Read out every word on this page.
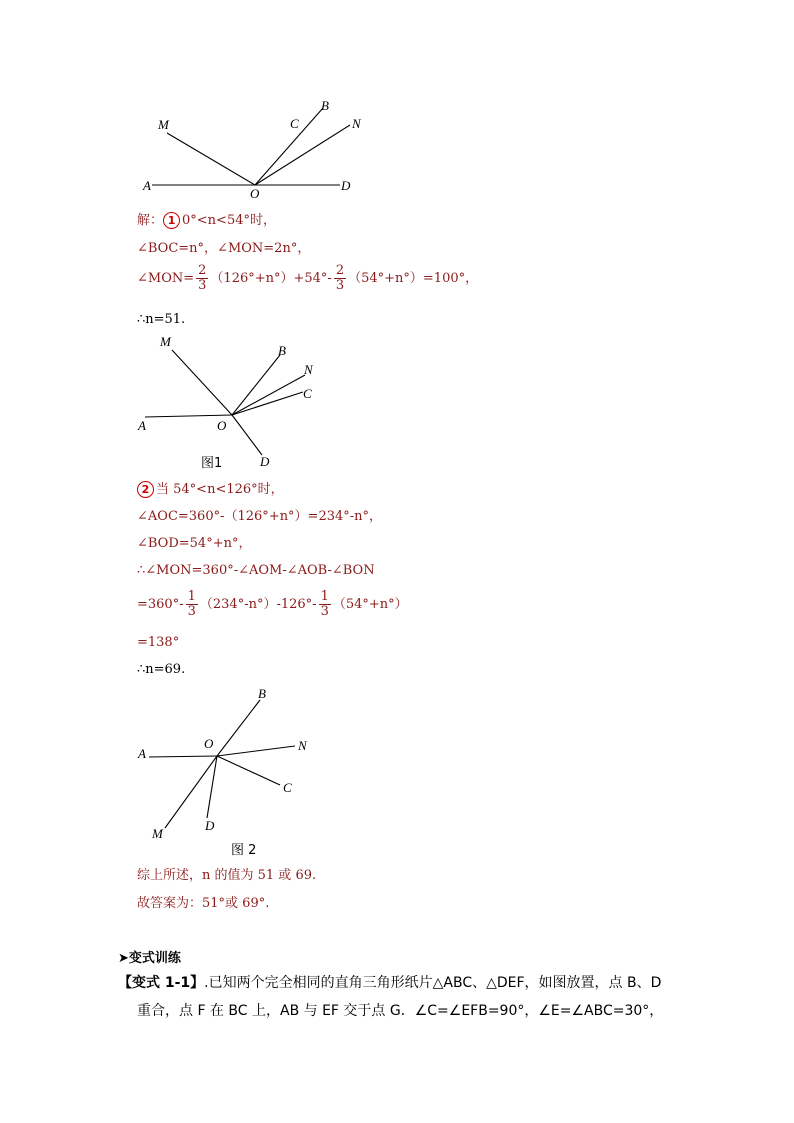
M	C
B
N
A
O
D
解： 1 0°<n<54°时，
∠BOC=n°，∠MON=2n°，
∠MON= $\frac{2}{3} (126^\circ+n^\circ)+54^\circ- \frac{2}{3} (54^\circ+n^\circ)=100^\circ$，
∴n=51.
M
B
N
C
A	O
D
图1
2 当 54°<n<126°时，
∠AOC=360°-（126°+n°）=234°-n°，
∠BOD=54°+n°，
∴∠MON=360°-∠AOM-∠AOB-∠BON
$=360^\circ- \frac{1}{3} (234^\circ-n^\circ)-126^\circ- \frac{1}{3} (54^\circ+n^\circ)$
=138°
∴n=69.
B
O	N
A
C
M
D
图 2
综上所述，n 的值为 51 或 69.
故答案为：51°或 69°.
➤变式训练
【变式 1-1】.已知两个完全相同的直角三角形纸片△ABC、△DEF，如图放置，点 B、D
重合，点 F 在 BC 上，AB 与 EF 交于点 G．∠C=∠EFB=90°，∠E=∠ABC=30°，
